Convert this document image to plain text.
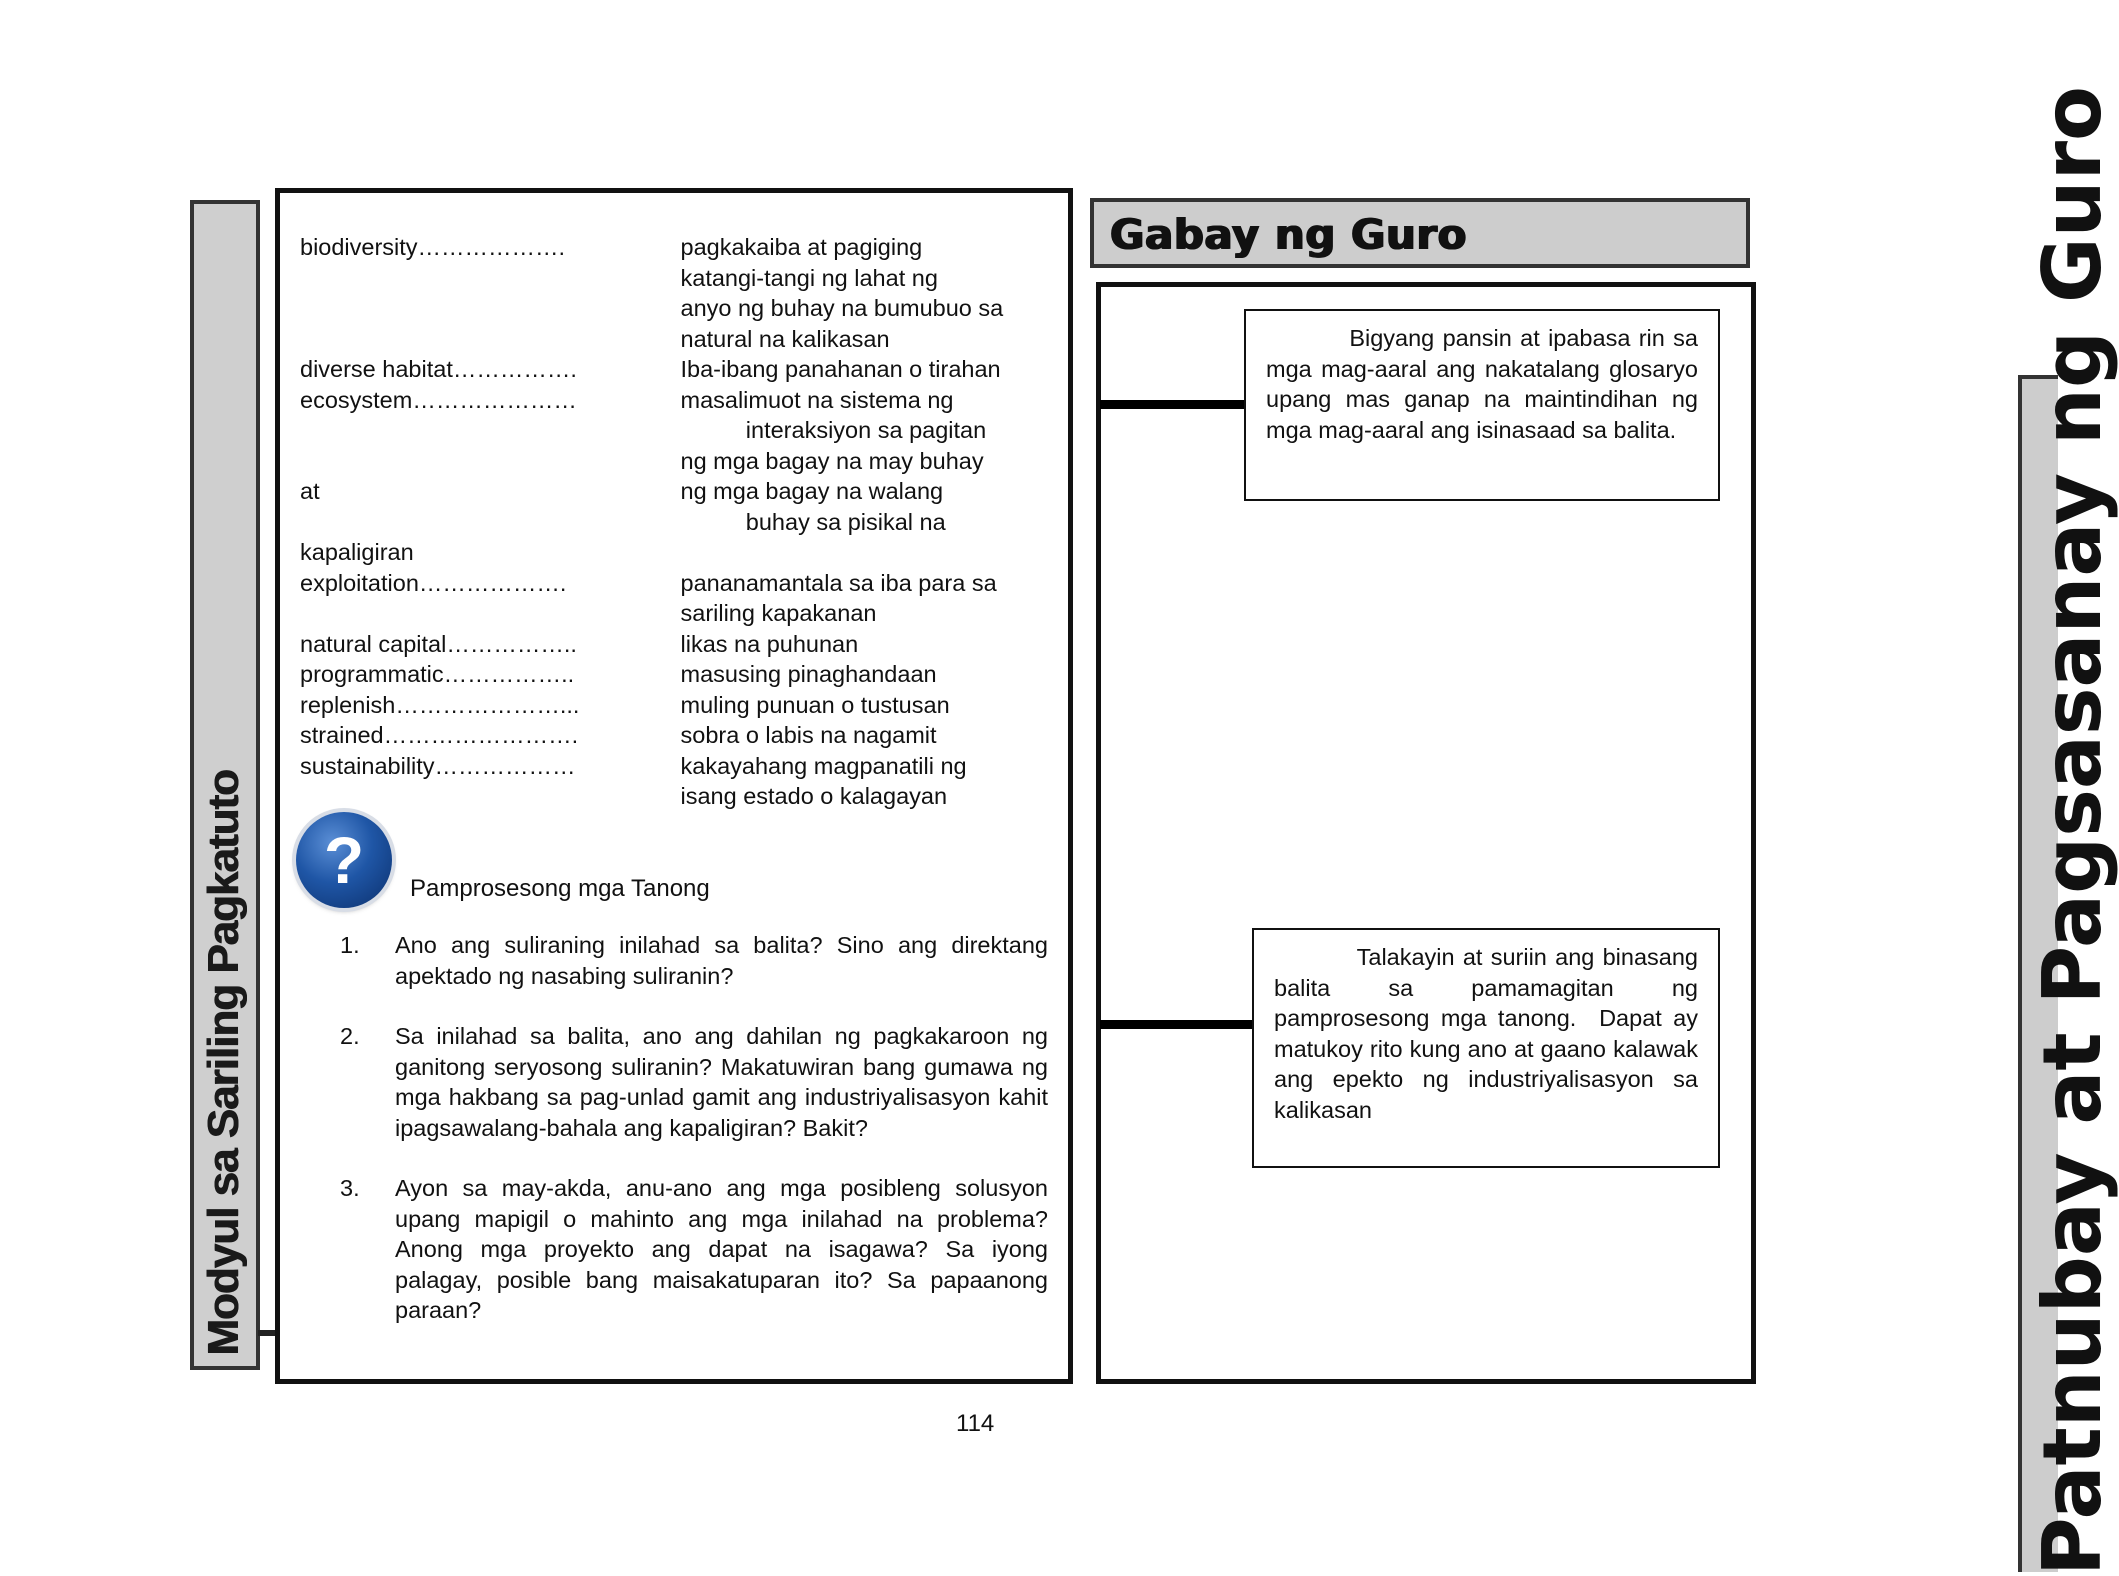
Modyul sa Sariling Pagkatuto
biodiversity……………….	pagkakaiba at pagiging
katangi-tangi ng lahat ng
anyo ng buhay na bumubuo sa
natural na kalikasan
diverse habitat…………….	Iba-ibang panahanan o tirahan
ecosystem…………………	masalimuot na sistema ng
interaksiyon sa pagitan
ng mga bagay na may buhay
at	ng mga bagay na walang
buhay sa pisikal na
kapaligiran
exploitation……………….	pananamantala sa iba para sa
sariling kapakanan
natural capital……………..	likas na puhunan
programmatic……………..	masusing pinaghandaan
replenish…………………...	muling punuan o tustusan
strained…………………….	sobra o labis na nagamit
sustainability………………	kakayahang magpanatili ng
isang estado o kalagayan
?	Pamprosesong mga Tanong
1.	Ano ang suliraning inilahad sa balita? Sino ang direktang apektado ng nasabing suliranin?
2.	Sa inilahad sa balita, ano ang dahilan ng pagkakaroon ng ganitong seryosong suliranin? Makatuwiran bang gumawa ng mga hakbang sa pag-unlad gamit ang industriyalisasyon kahit ipagsawalang-bahala ang kapaligiran? Bakit?
3.	Ayon sa may-akda, anu-ano ang mga posibleng solusyon upang mapigil o mahinto ang mga inilahad na problema? Anong mga proyekto ang dapat na isagawa? Sa iyong palagay, posible bang maisakatuparan ito? Sa papaanong paraan?
114
Gabay ng Guro
Bigyang pansin at ipabasa rin sa mga mag-aaral ang nakatalang glosaryo upang mas ganap na maintindihan ng mga mag-aaral ang isinasaad sa balita.
Talakayin at suriin ang binasang balita sa pamamagitan ng pamprosesong mga tanong.  Dapat ay matukoy rito kung ano at gaano kalawak ang epekto ng industriyalisasyon sa kalikasan	Patnubay at Pagsasanay ng Guro
